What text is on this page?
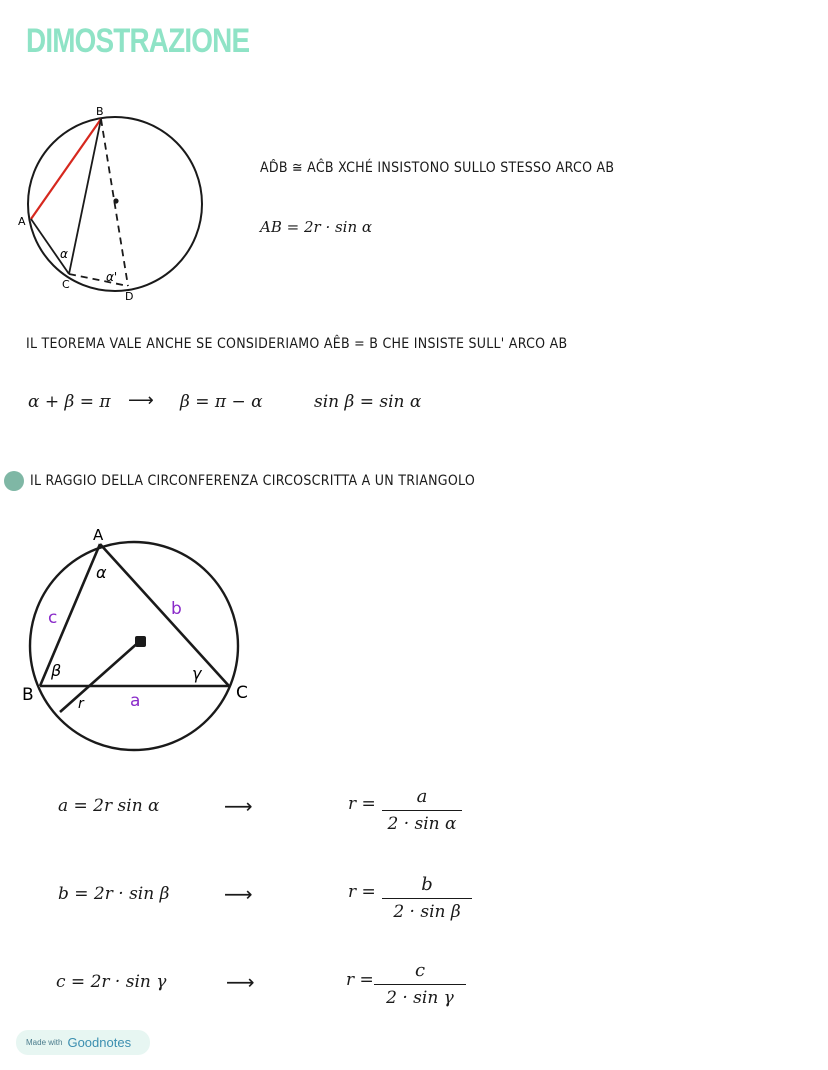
DIMOSTRAZIONE
B
A
C
D
α
α'
AD̂B ≅ AĈB XCHÉ INSISTONO SULLO STESSO ARCO AB
AB = 2r · sin α
IL TEOREMA VALE ANCHE SE CONSIDERIAMO AÊB = Β CHE INSISTE SULL' ARCO AB
α + β = π ⟶ β = π − α	sin β = sin α
IL RAGGIO DELLA CIRCONFERENZA CIRCOSCRITTA A UN TRIANGOLO
A
B	C
c	b
a
α
β	γ
r
a = 2r sin α	⟶	r =	a
2 · sin α
b = 2r · sin β	⟶	r =	b
2 · sin β
c = 2r · sin γ	⟶	r =	c
2 · sin γ
Made with Goodnotes
